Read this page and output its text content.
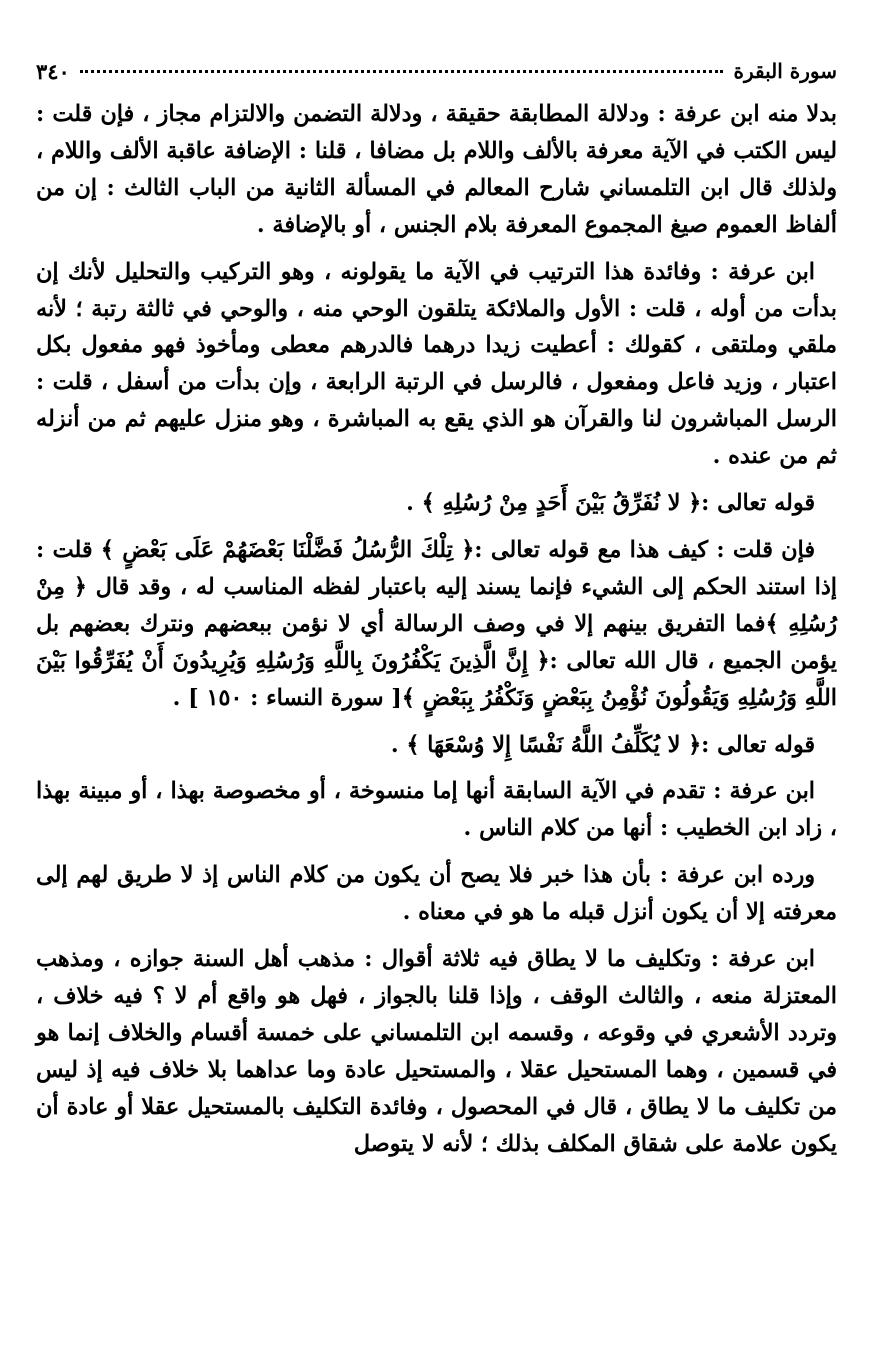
سورة البقرة
٣٤٠

بدلا منه ابن عرفة : ودلالة المطابقة حقيقة ، ودلالة التضمن والالتزام مجاز ، فإن قلت : ليس الكتب في الآية معرفة بالألف واللام بل مضافا ، قلنا : الإضافة عاقبة الألف واللام ، ولذلك قال ابن التلمساني شارح المعالم في المسألة الثانية من الباب الثالث : إن من ألفاظ العموم صيغ المجموع المعرفة بلام الجنس ، أو بالإضافة .

ابن عرفة : وفائدة هذا الترتيب في الآية ما يقولونه ، وهو التركيب والتحليل لأنك إن بدأت من أوله ، قلت : الأول والملائكة يتلقون الوحي منه ، والوحي في ثالثة رتبة ؛ لأنه ملقي وملتقى ، كقولك : أعطيت زيدا درهما فالدرهم معطى ومأخوذ فهو مفعول بكل اعتبار ، وزيد فاعل ومفعول ، فالرسل في الرتبة الرابعة ، وإن بدأت من أسفل ، قلت : الرسل المباشرون لنا والقرآن هو الذي يقع به المباشرة ، وهو منزل عليهم ثم من أنزله ثم من عنده .

قوله تعالى :﴿ لا نُفَرِّقُ بَيْنَ أَحَدٍ مِنْ رُسُلِهِ ﴾ .

فإن قلت : كيف هذا مع قوله تعالى :﴿ تِلْكَ الرُّسُلُ فَضَّلْنَا بَعْضَهُمْ عَلَى بَعْضٍ ﴾ قلت : إذا استند الحكم إلى الشيء فإنما يسند إليه باعتبار لفظه المناسب له ، وقد قال ﴿ مِنْ رُسُلِهِ ﴾فما التفريق بينهم إلا في وصف الرسالة أي لا نؤمن ببعضهم ونترك بعضهم بل يؤمن الجميع ، قال الله تعالى :﴿ إِنَّ الَّذِينَ يَكْفُرُونَ بِاللَّهِ وَرُسُلِهِ وَيُرِيدُونَ أَنْ يُفَرِّقُوا بَيْنَ اللَّهِ وَرُسُلِهِ وَيَقُولُونَ نُؤْمِنُ بِبَعْضٍ وَنَكْفُرُ بِبَعْضٍ ﴾[ سورة النساء : ١٥٠ ] .

قوله تعالى :﴿ لا يُكَلِّفُ اللَّهُ نَفْسًا إِلا وُسْعَهَا ﴾ .

ابن عرفة : تقدم في الآية السابقة أنها إما منسوخة ، أو مخصوصة بهذا ، أو مبينة بهذا ، زاد ابن الخطيب : أنها من كلام الناس .

ورده ابن عرفة : بأن هذا خبر فلا يصح أن يكون من كلام الناس إذ لا طريق لهم إلى معرفته إلا أن يكون أنزل قبله ما هو في معناه .

ابن عرفة : وتكليف ما لا يطاق فيه ثلاثة أقوال : مذهب أهل السنة جوازه ، ومذهب المعتزلة منعه ، والثالث الوقف ، وإذا قلنا بالجواز ، فهل هو واقع أم لا ؟ فيه خلاف ، وتردد الأشعري في وقوعه ، وقسمه ابن التلمساني على خمسة أقسام والخلاف إنما هو في قسمين ، وهما المستحيل عقلا ، والمستحيل عادة وما عداهما بلا خلاف فيه إذ ليس من تكليف ما لا يطاق ، قال في المحصول ، وفائدة التكليف بالمستحيل عقلا أو عادة أن يكون علامة على شقاق المكلف بذلك ؛ لأنه لا يتوصل
